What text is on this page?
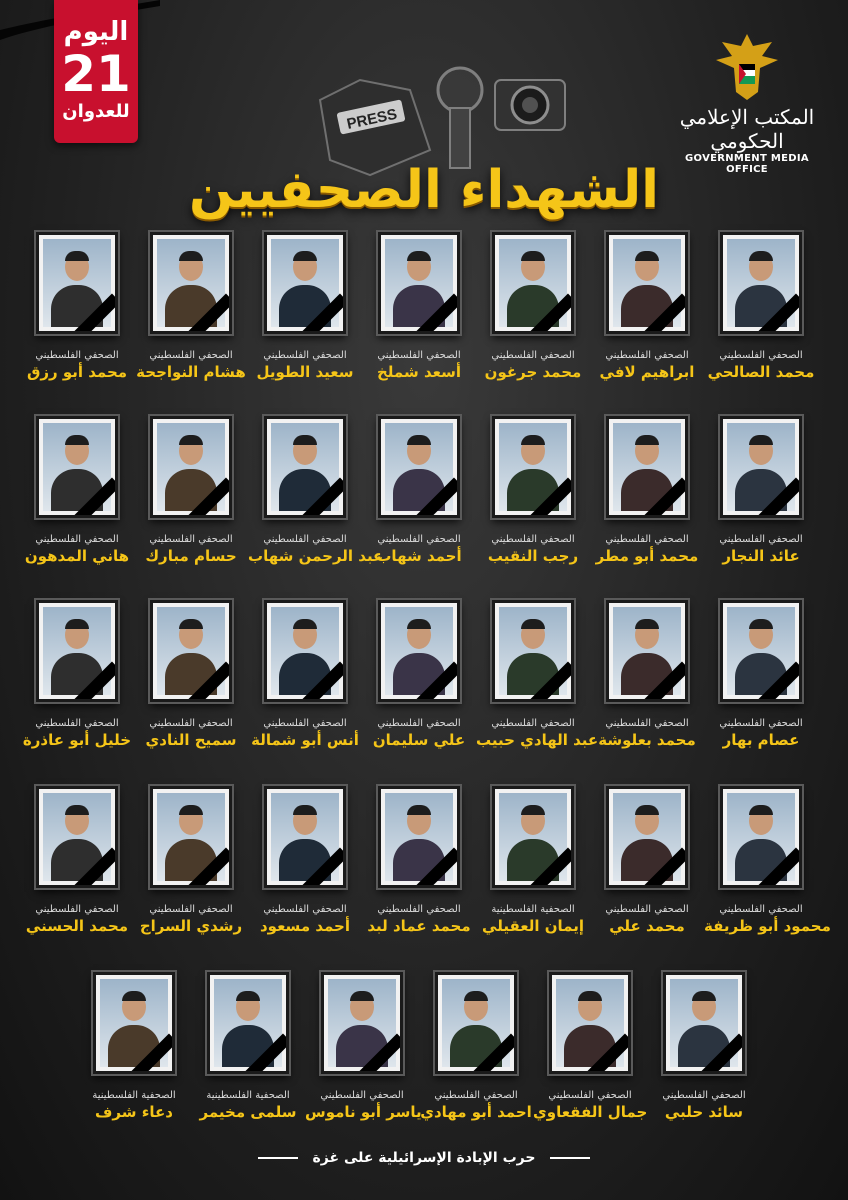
اليوم
21
للعدوان	المكتب الإعلامي الحكومي
GOVERNMENT MEDIA OFFICE
PRESS
الشهداء الصحفيين
الصحفي الفلسطيني
محمد الصالحي
الصحفي الفلسطيني
ابراهيم لافي
الصحفي الفلسطيني
محمد جرغون
الصحفي الفلسطيني
أسعد شملخ
الصحفي الفلسطيني
سعيد الطويل
الصحفي الفلسطيني
هشام النواجحة
الصحفي الفلسطيني
محمد أبو رزق
الصحفي الفلسطيني
عائد النجار
الصحفي الفلسطيني
محمد أبو مطر
الصحفي الفلسطيني
رجب النقيب
الصحفي الفلسطيني
أحمد شهاب
الصحفي الفلسطيني
عبد الرحمن شهاب
الصحفي الفلسطيني
حسام مبارك
الصحفي الفلسطيني
هاني المدهون
الصحفي الفلسطيني
عصام بهار
الصحفي الفلسطيني
محمد بعلوشة
الصحفي الفلسطيني
عبد الهادي حبيب
الصحفي الفلسطيني
علي سليمان
الصحفي الفلسطيني
أنس أبو شمالة
الصحفي الفلسطيني
سميح النادي
الصحفي الفلسطيني
خليل أبو عاذرة
الصحفي الفلسطيني
محمود أبو ظريفة
الصحفي الفلسطيني
محمد علي
الصحفية الفلسطينية
إيمان العقيلي
الصحفي الفلسطيني
محمد عماد لبد
الصحفي الفلسطيني
أحمد مسعود
الصحفي الفلسطيني
رشدي السراج
الصحفي الفلسطيني
محمد الحسني
الصحفي الفلسطيني
سائد حلبي
الصحفي الفلسطيني
جمال الفقعاوي
الصحفي الفلسطيني
احمد أبو مهادي
الصحفي الفلسطيني
ياسر أبو ناموس
الصحفية الفلسطينية
سلمى مخيمر
الصحفية الفلسطينية
دعاء شرف
حرب الإبادة الإسرائيلية على غزة
